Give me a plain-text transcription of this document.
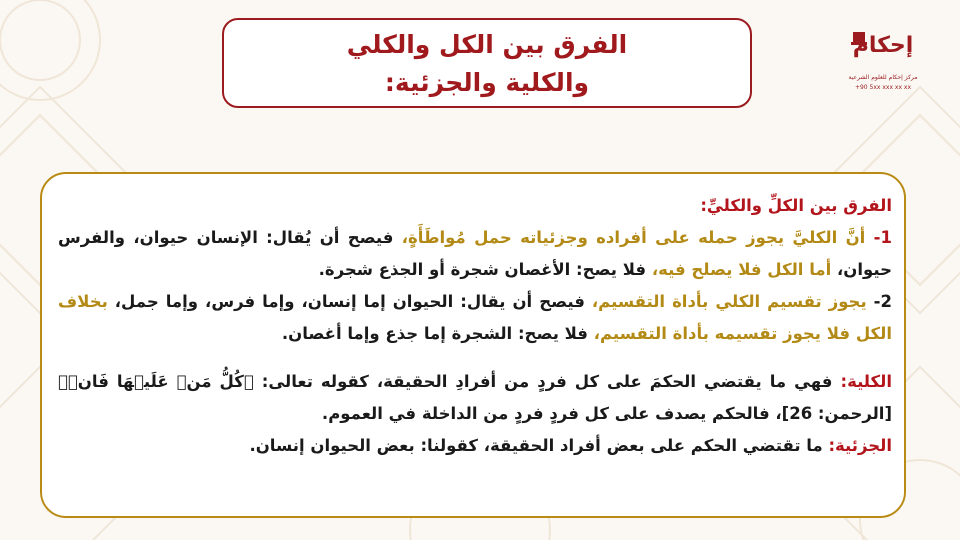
الفرق بين الكل والكلي
والكلية والجزئية:
إحكام
مركز إحكام للعلوم الشرعية
+90 5xx xxx xx xx

الفرق بين الكلِّ والكليِّ:

1- أنَّ الكليَّ يجوز حمله على أفراده وجزئياته حمل مُواطَأَةٍ، فيصح أن يُقال: الإنسان حيوان، والفرس حيوان، أما الكل فلا يصلح فيه، فلا يصح: الأغصان شجرة أو الجذع شجرة.

2- يجوز تقسيم الكلي بأداة التقسيم، فيصح أن يقال: الحيوان إما إنسان، وإما فرس، وإما جمل، بخلاف الكل فلا يجوز تقسيمه بأداة التقسيم، فلا يصح: الشجرة إما جذع وإما أغصان.

الكلية: فهي ما يقتضي الحكمَ على كل فردٍ من أفرادِ الحقيقة، كقوله تعالى: ﴿كُلُّ مَنۡ عَلَيۡهَا فَانࣲ﴾ [الرحمن: 26]، فالحكم يصدف على كل فردٍ فردٍ من الداخلة في العموم.

الجزئية: ما تقتضي الحكم على بعض أفراد الحقيقة، كقولنا: بعض الحيوان إنسان.
